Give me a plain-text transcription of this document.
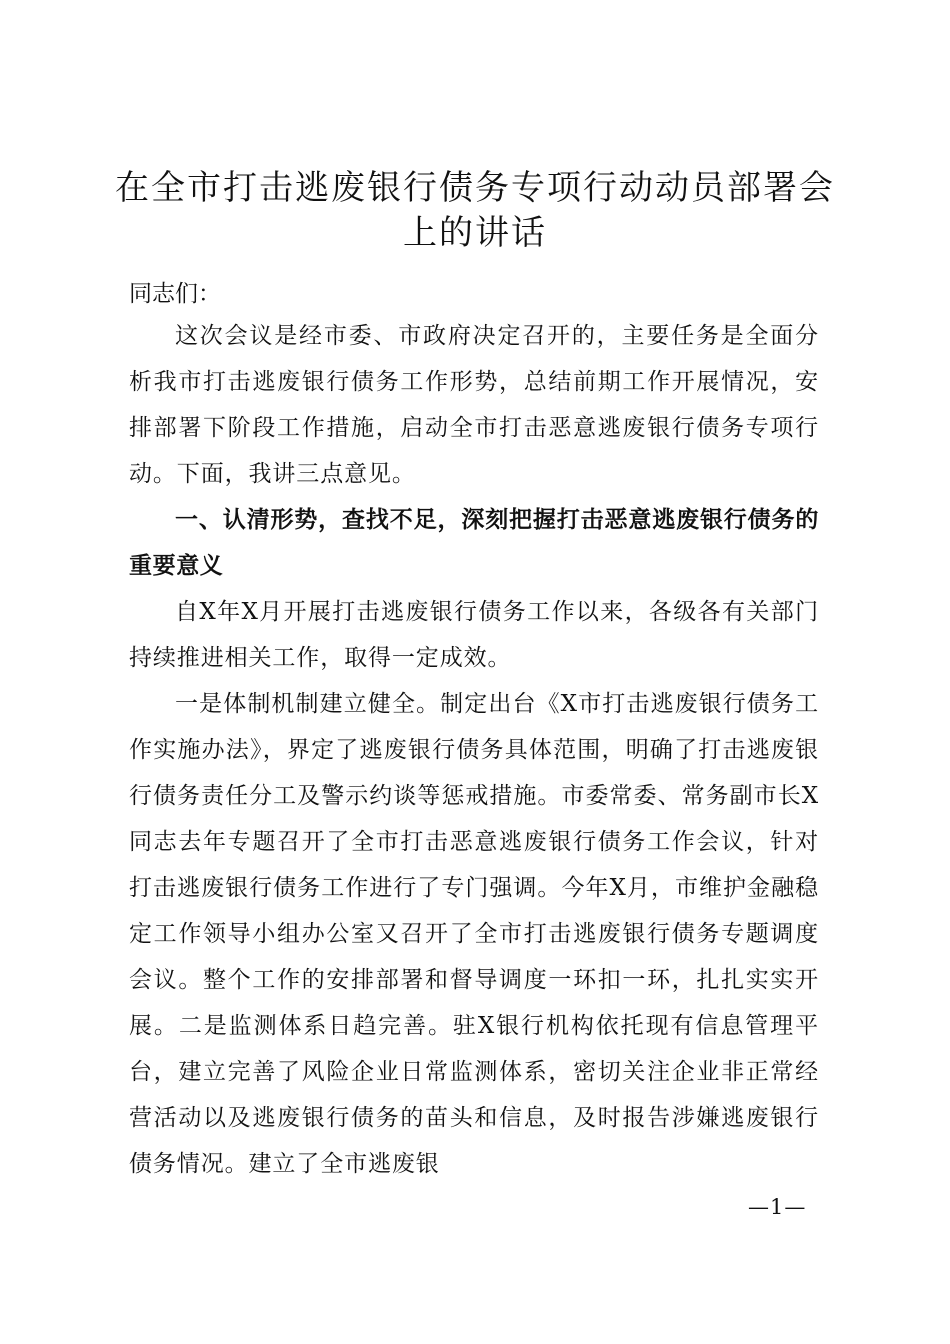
在全市打击逃废银行债务专项行动动员部署会上的讲话

同志们：

这次会议是经市委、市政府决定召开的，主要任务是全面分析我市打击逃废银行债务工作形势，总结前期工作开展情况，安排部署下阶段工作措施，启动全市打击恶意逃废银行债务专项行动。下面，我讲三点意见。

一、认清形势，查找不足，深刻把握打击恶意逃废银行债务的重要意义

自X年X月开展打击逃废银行债务工作以来，各级各有关部门持续推进相关工作，取得一定成效。

一是体制机制建立健全。制定出台《X市打击逃废银行债务工作实施办法》，界定了逃废银行债务具体范围，明确了打击逃废银行债务责任分工及警示约谈等惩戒措施。市委常委、常务副市长X同志去年专题召开了全市打击恶意逃废银行债务工作会议，针对打击逃废银行债务工作进行了专门强调。今年X月，市维护金融稳定工作领导小组办公室又召开了全市打击逃废银行债务专题调度会议。整个工作的安排部署和督导调度一环扣一环，扎扎实实开展。二是监测体系日趋完善。驻X银行机构依托现有信息管理平台，建立完善了风险企业日常监测体系，密切关注企业非正常经营活动以及逃废银行债务的苗头和信息，及时报告涉嫌逃废银行债务情况。建立了全市逃废银

—1—
